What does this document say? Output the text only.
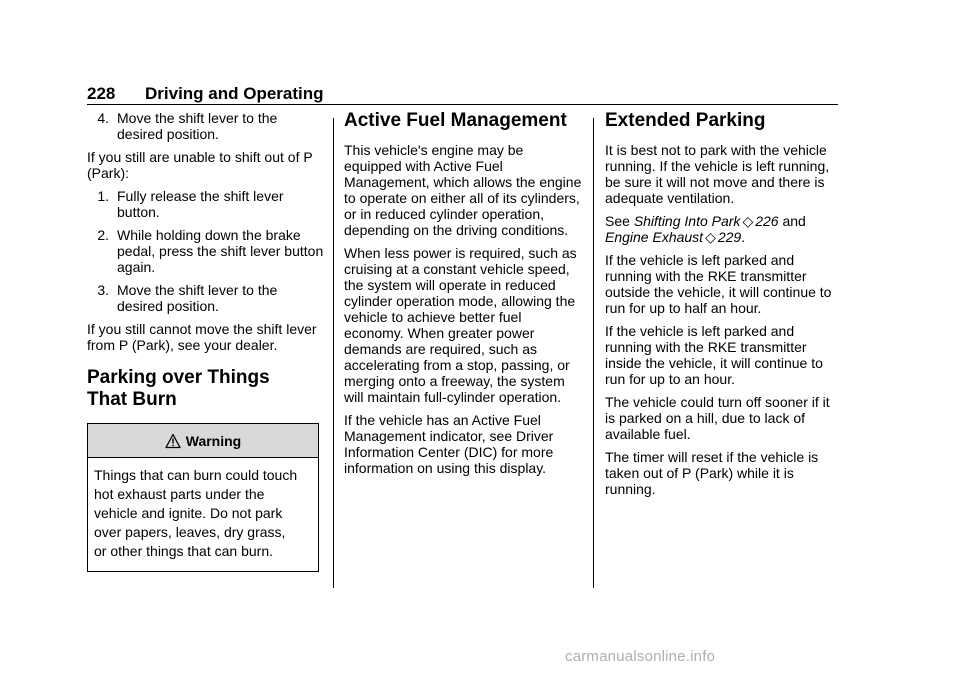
228 Driving and Operating
4. Move the shift lever to the desired position.

If you still are unable to shift out of P (Park):

1. Fully release the shift lever button.
2. While holding down the brake pedal, press the shift lever button again.
3. Move the shift lever to the desired position.

If you still cannot move the shift lever from P (Park), see your dealer.

Parking over Things
That Burn
Warning
Things that can burn could touch
hot exhaust parts under the
vehicle and ignite. Do not park
over papers, leaves, dry grass,
or other things that can burn.
Active Fuel Management

This vehicle's engine may be equipped with Active Fuel Management, which allows the engine to operate on either all of its cylinders, or in reduced cylinder operation, depending on the driving conditions.

When less power is required, such as cruising at a constant vehicle speed, the system will operate in reduced cylinder operation mode, allowing the vehicle to achieve better fuel economy. When greater power demands are required, such as accelerating from a stop, passing, or merging onto a freeway, the system will maintain full-cylinder operation.

If the vehicle has an Active Fuel Management indicator, see Driver Information Center (DIC) for more information on using this display.

Extended Parking

It is best not to park with the vehicle running. If the vehicle is left running, be sure it will not move and there is adequate ventilation.

See Shifting Into Park ◇ 226 and
Engine Exhaust ◇ 229.

If the vehicle is left parked and running with the RKE transmitter outside the vehicle, it will continue to run for up to half an hour.

If the vehicle is left parked and running with the RKE transmitter inside the vehicle, it will continue to run for up to an hour.

The vehicle could turn off sooner if it is parked on a hill, due to lack of available fuel.

The timer will reset if the vehicle is taken out of P (Park) while it is running.

carmanualsonline.info
